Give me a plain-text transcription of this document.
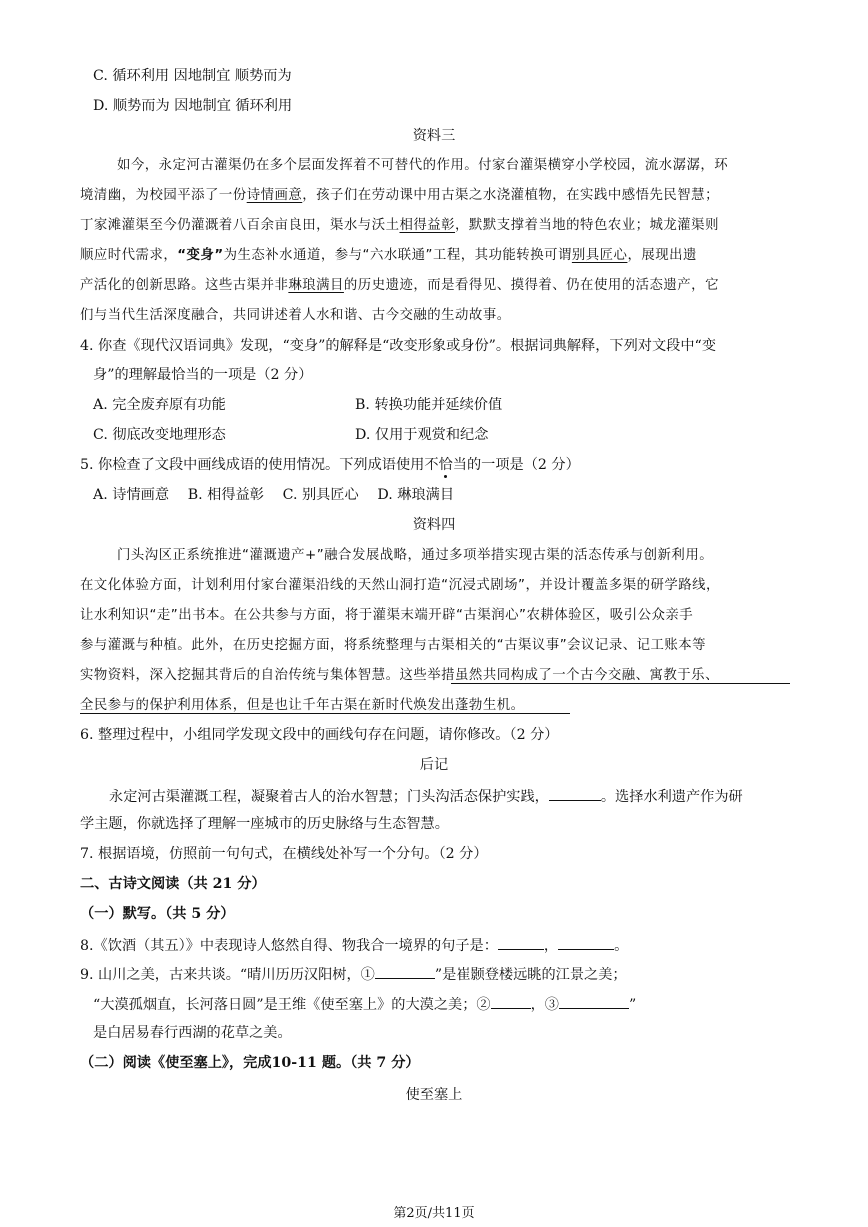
C. 循环利用 因地制宜 顺势而为
D. 顺势而为 因地制宜 循环利用
资料三
如今，永定河古灌渠仍在多个层面发挥着不可替代的作用。付家台灌渠横穿小学校园，流水潺潺，环
境清幽，为校园平添了一份诗情画意，孩子们在劳动课中用古渠之水浇灌植物，在实践中感悟先民智慧；
丁家滩灌渠至今仍灌溉着八百余亩良田，渠水与沃土相得益彰，默默支撑着当地的特色农业；城龙灌渠则
顺应时代需求，“变身”为生态补水通道，参与“六水联通”工程，其功能转换可谓别具匠心，展现出遗
产活化的创新思路。这些古渠并非琳琅满目的历史遗迹，而是看得见、摸得着、仍在使用的活态遗产，它
们与当代生活深度融合，共同讲述着人水和谐、古今交融的生动故事。
4. 你查《现代汉语词典》发现，“变身”的解释是“改变形象或身份”。根据词典解释，下列对文段中“变
身”的理解最恰当的一项是（2 分）
A. 完全废弃原有功能	B. 转换功能并延续价值
C. 彻底改变地理形态	D. 仅用于观赏和纪念
5. 你检查了文段中画线成语的使用情况。下列成语使用不恰当的一项是（2 分）
A. 诗情画意　 B. 相得益彰　 C. 别具匠心　 D. 琳琅满目
资料四
门头沟区正系统推进“灌溉遗产+”融合发展战略，通过多项举措实现古渠的活态传承与创新利用。
在文化体验方面，计划利用付家台灌渠沿线的天然山洞打造“沉浸式剧场”，并设计覆盖多渠的研学路线，
让水利知识“走”出书本。在公共参与方面，将于灌渠末端开辟“古渠润心”农耕体验区，吸引公众亲手
参与灌溉与种植。此外，在历史挖掘方面，将系统整理与古渠相关的“古渠议事”会议记录、记工账本等
实物资料，深入挖掘其背后的自治传统与集体智慧。这些举措虽然共同构成了一个古今交融、寓教于乐、
全民参与的保护利用体系，但是也让千年古渠在新时代焕发出蓬勃生机。
6. 整理过程中，小组同学发现文段中的画线句存在问题，请你修改。（2 分）
后记
永定河古渠灌溉工程，凝聚着古人的治水智慧；门头沟活态保护实践，	。选择水利遗产作为研
学主题，你就选择了理解一座城市的历史脉络与生态智慧。
7. 根据语境，仿照前一句句式，在横线处补写一个分句。（2 分）
二、古诗文阅读（共 21 分）
（一）默写。（共 5 分）
8.《饮酒（其五）》中表现诗人悠然自得、物我合一境界的句子是：	，	。
9. 山川之美，古来共谈。“晴川历历汉阳树，①	”是崔颢登楼远眺的江景之美；
“大漠孤烟直，长河落日圆”是王维《使至塞上》的大漠之美；②	，③	”
是白居易春行西湖的花草之美。
（二）阅读《使至塞上》，完成10-11 题。（共 7 分）
使至塞上
第2页/共11页
